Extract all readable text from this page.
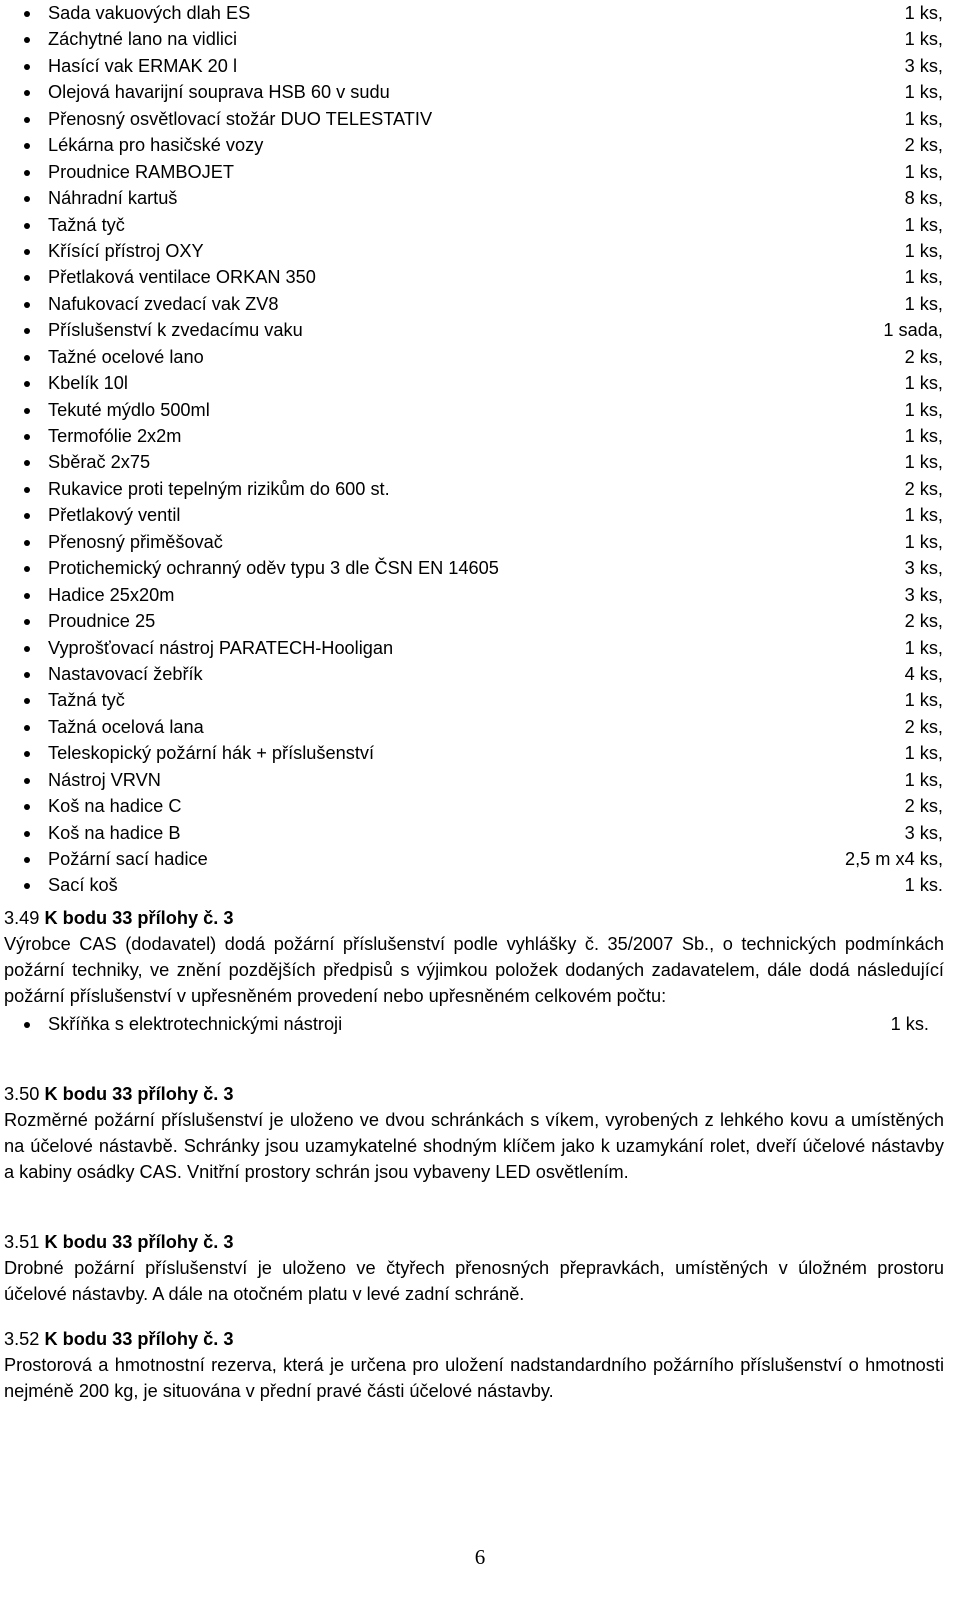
Sada vakuových dlah ES	1 ks,
Záchytné lano na vidlici	1 ks,
Hasící vak ERMAK 20 l	3 ks,
Olejová havarijní souprava HSB 60 v sudu	1 ks,
Přenosný osvětlovací stožár DUO TELESTATIV	1 ks,
Lékárna pro hasičské vozy	2 ks,
Proudnice RAMBOJET	1 ks,
Náhradní kartuš	8 ks,
Tažná tyč	1 ks,
Křísící přístroj OXY	1 ks,
Přetlaková ventilace ORKAN 350	1 ks,
Nafukovací zvedací vak ZV8	1 ks,
Příslušenství k zvedacímu vaku	1 sada,
Tažné ocelové lano	2 ks,
Kbelík 10l	1 ks,
Tekuté mýdlo 500ml	1 ks,
Termofólie 2x2m	1 ks,
Sběrač 2x75	1 ks,
Rukavice proti tepelným rizikům do 600 st.	2 ks,
Přetlakový ventil	1 ks,
Přenosný přiměšovač	1 ks,
Protichemický ochranný oděv typu 3 dle ČSN EN 14605	3 ks,
Hadice 25x20m	3 ks,
Proudnice 25	2 ks,
Vyprošťovací nástroj PARATECH-Hooligan	1 ks,
Nastavovací žebřík	4 ks,
Tažná tyč	1 ks,
Tažná ocelová lana	2 ks,
Teleskopický požární hák + příslušenství	1 ks,
Nástroj VRVN	1 ks,
Koš na hadice C	2 ks,
Koš na hadice B	3 ks,
Požární sací hadice	2,5 m x4 ks,
Sací koš	1 ks.
3.49 K bodu 33 přílohy č. 3

Výrobce CAS (dodavatel) dodá požární příslušenství podle vyhlášky č. 35/2007 Sb., o technických podmínkách požární techniky, ve znění pozdějších předpisů s výjimkou položek dodaných zadavatelem, dále dodá následující požární příslušenství v upřesněném provedení nebo upřesněném celkovém počtu:

Skříňka s elektrotechnickými nástroji	1 ks.
3.50 K bodu 33 přílohy č. 3

Rozměrné požární příslušenství je uloženo ve dvou schránkách s víkem, vyrobených z lehkého kovu a umístěných na účelové nástavbě. Schránky jsou uzamykatelné shodným klíčem jako k uzamykání rolet, dveří účelové nástavby a kabiny osádky CAS. Vnitřní prostory schrán jsou vybaveny LED osvětlením.

3.51 K bodu 33 přílohy č. 3

Drobné požární příslušenství je uloženo ve čtyřech přenosných přepravkách, umístěných v úložném prostoru účelové nástavby. A dále na otočném platu v levé zadní schráně.

3.52 K bodu 33 přílohy č. 3

Prostorová a hmotnostní rezerva, která je určena pro uložení nadstandardního požárního příslušenství o hmotnosti nejméně 200 kg, je situována v přední pravé části účelové nástavby.

6
